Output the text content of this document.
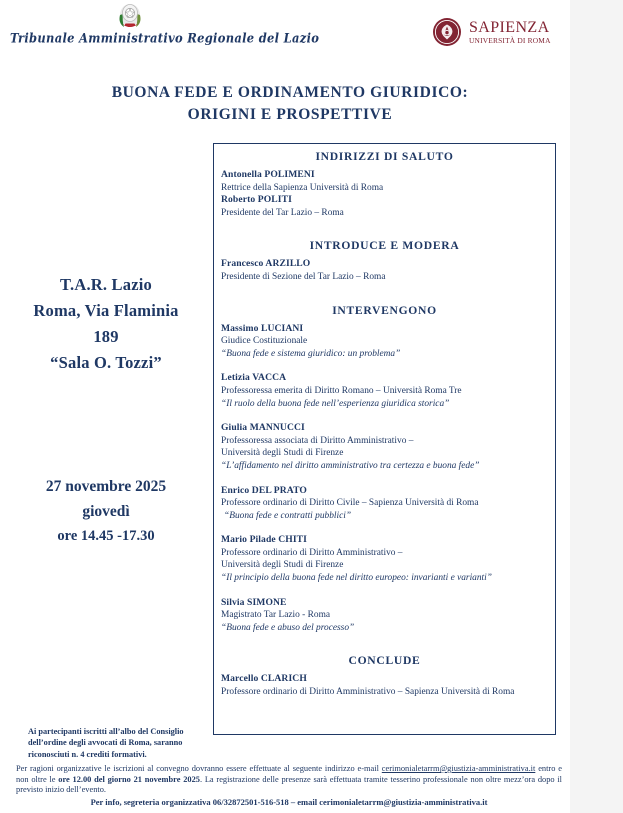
Tribunale Amministrativo Regionale del Lazio
SAPIENZA
UNIVERSITÀ DI ROMA
BUONA FEDE E ORDINAMENTO GIURIDICO:
ORIGINI E PROSPETTIVE
T.A.R. Lazio
Roma, Via Flaminia
189
“Sala O. Tozzi”
27 novembre 2025
giovedì
ore 14.45 -17.30
Ai partecipanti iscritti all’albo del Consiglio dell’ordine degli avvocati di Roma, saranno riconosciuti n. 4 crediti formativi.
INDIRIZZI DI SALUTO
Antonella POLIMENI
Rettrice della Sapienza Università di Roma
Roberto POLITI
Presidente del Tar Lazio – Roma
INTRODUCE E MODERA
Francesco ARZILLO
Presidente di Sezione del Tar Lazio – Roma
INTERVENGONO
Massimo LUCIANI
Giudice Costituzionale
“Buona fede e sistema giuridico: un problema”
Letizia VACCA
Professoressa emerita di Diritto Romano – Università Roma Tre
“Il ruolo della buona fede nell’esperienza giuridica storica”
Giulia MANNUCCI
Professoressa associata di Diritto Amministrativo –
Università degli Studi di Firenze
“L’affidamento nel diritto amministrativo tra certezza e buona fede”
Enrico DEL PRATO
Professore ordinario di Diritto Civile – Sapienza Università di Roma
“Buona fede e contratti pubblici”
Mario Pilade CHITI
Professore ordinario di Diritto Amministrativo –
Università degli Studi di Firenze
“Il principio della buona fede nel diritto europeo: invarianti e varianti”
Silvia SIMONE
Magistrato Tar Lazio - Roma
“Buona fede e abuso del processo”
CONCLUDE
Marcello CLARICH
Professore ordinario di Diritto Amministrativo – Sapienza Università di Roma

Per ragioni organizzative le iscrizioni al convegno dovranno essere effettuate al seguente indirizzo e-mail cerimonialetarrm@giustizia-amministrativa.it entro e non oltre le ore 12.00 del giorno 21 novembre 2025. La registrazione delle presenze sarà effettuata tramite tesserino professionale non oltre mezz’ora dopo il previsto inizio dell’evento.

Per info, segreteria organizzativa 06/32872501-516-518 – email cerimonialetarrm@giustizia-amministrativa.it
